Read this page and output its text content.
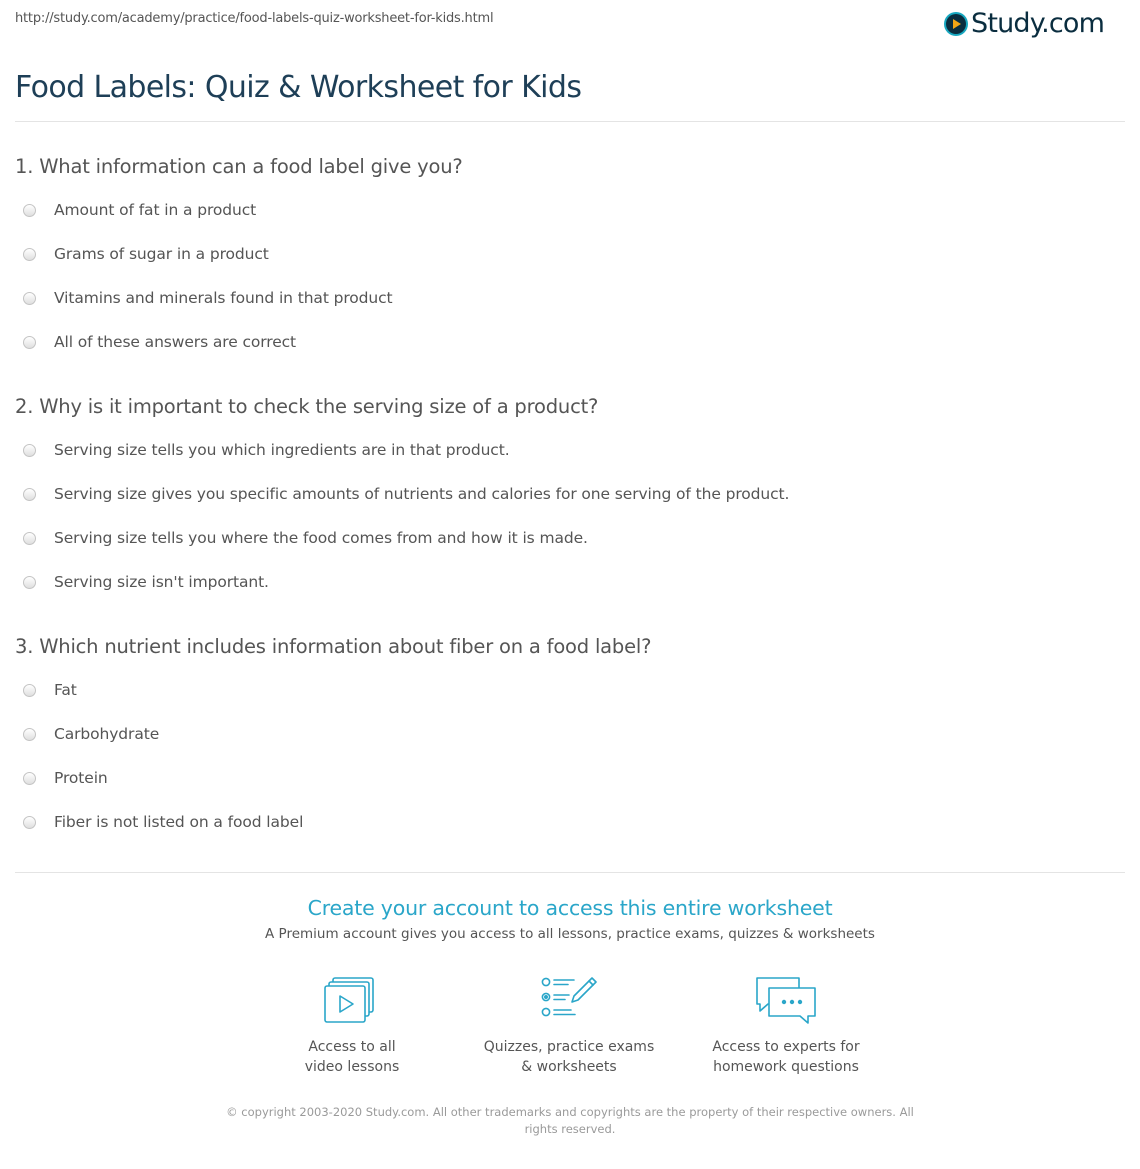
http://study.com/academy/practice/food-labels-quiz-worksheet-for-kids.html	Study.com
Food Labels: Quiz & Worksheet for Kids
1. What information can a food label give you?
Amount of fat in a product
Grams of sugar in a product
Vitamins and minerals found in that product
All of these answers are correct
2. Why is it important to check the serving size of a product?
Serving size tells you which ingredients are in that product.
Serving size gives you specific amounts of nutrients and calories for one serving of the product.
Serving size tells you where the food comes from and how it is made.
Serving size isn't important.
3. Which nutrient includes information about fiber on a food label?
Fat
Carbohydrate
Protein
Fiber is not listed on a food label
Create your account to access this entire worksheet
A Premium account gives you access to all lessons, practice exams, quizzes & worksheets
Access to all
video lessons
Quizzes, practice exams
& worksheets
Access to experts for
homework questions
© copyright 2003-2020 Study.com. All other trademarks and copyrights are the property of their respective owners. All rights reserved.
